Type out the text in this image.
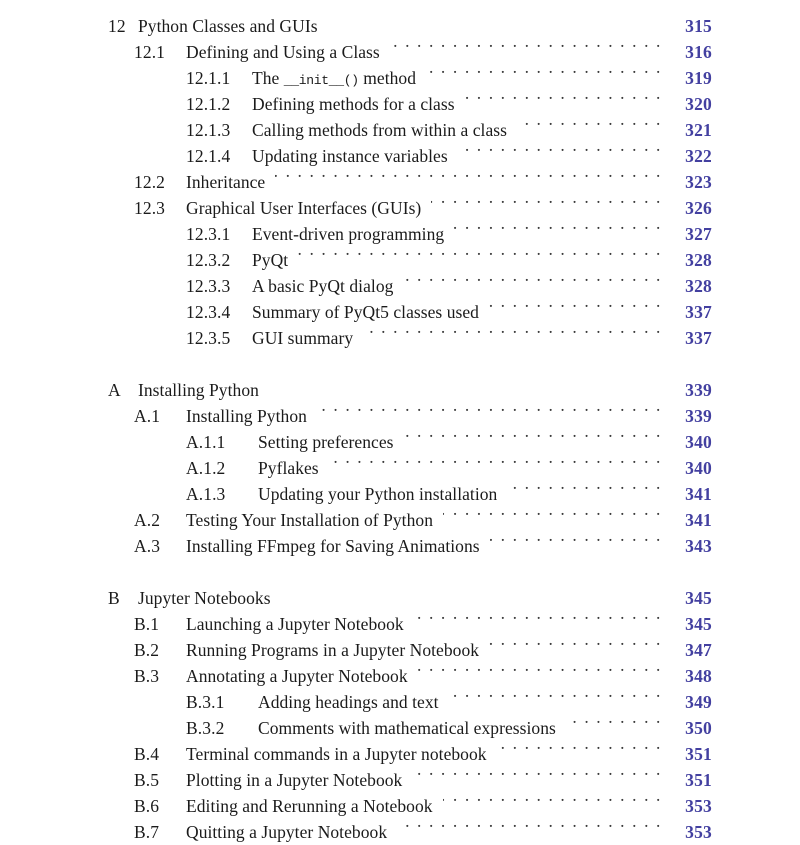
12 Python Classes and GUIs	315
12.1	Defining and Using a Class . . .	316
12.1.1	The __init__() method . . .	319
12.1.2	Defining methods for a class . . .	320
12.1.3	Calling methods from within a class . . .	321
12.1.4	Updating instance variables . . .	322
12.2	Inheritance . . .	323
12.3	Graphical User Interfaces (GUIs) . . .	326
12.3.1	Event-driven programming . . .	327
12.3.2	PyQt . . .	328
12.3.3	A basic PyQt dialog . . .	328
12.3.4	Summary of PyQt5 classes used . . .	337
12.3.5	GUI summary . . .	337
A Installing Python	339
A.1	Installing Python . . .	339
A.1.1	Setting preferences . . .	340
A.1.2	Pyflakes . . .	340
A.1.3	Updating your Python installation . . .	341
A.2	Testing Your Installation of Python . . .	341
A.3	Installing FFmpeg for Saving Animations . . .	343
B	Jupyter Notebooks	345
B.1	Launching a Jupyter Notebook . . .	345
B.2	Running Programs in a Jupyter Notebook . . .	347
B.3	Annotating a Jupyter Notebook . . .	348
B.3.1	Adding headings and text . . .	349
B.3.2	Comments with mathematical expressions . . .	350
B.4	Terminal commands in a Jupyter notebook . . .	351
B.5	Plotting in a Jupyter Notebook . . .	351
B.6	Editing and Rerunning a Notebook . . .	353
B.7	Quitting a Jupyter Notebook . . .	353
